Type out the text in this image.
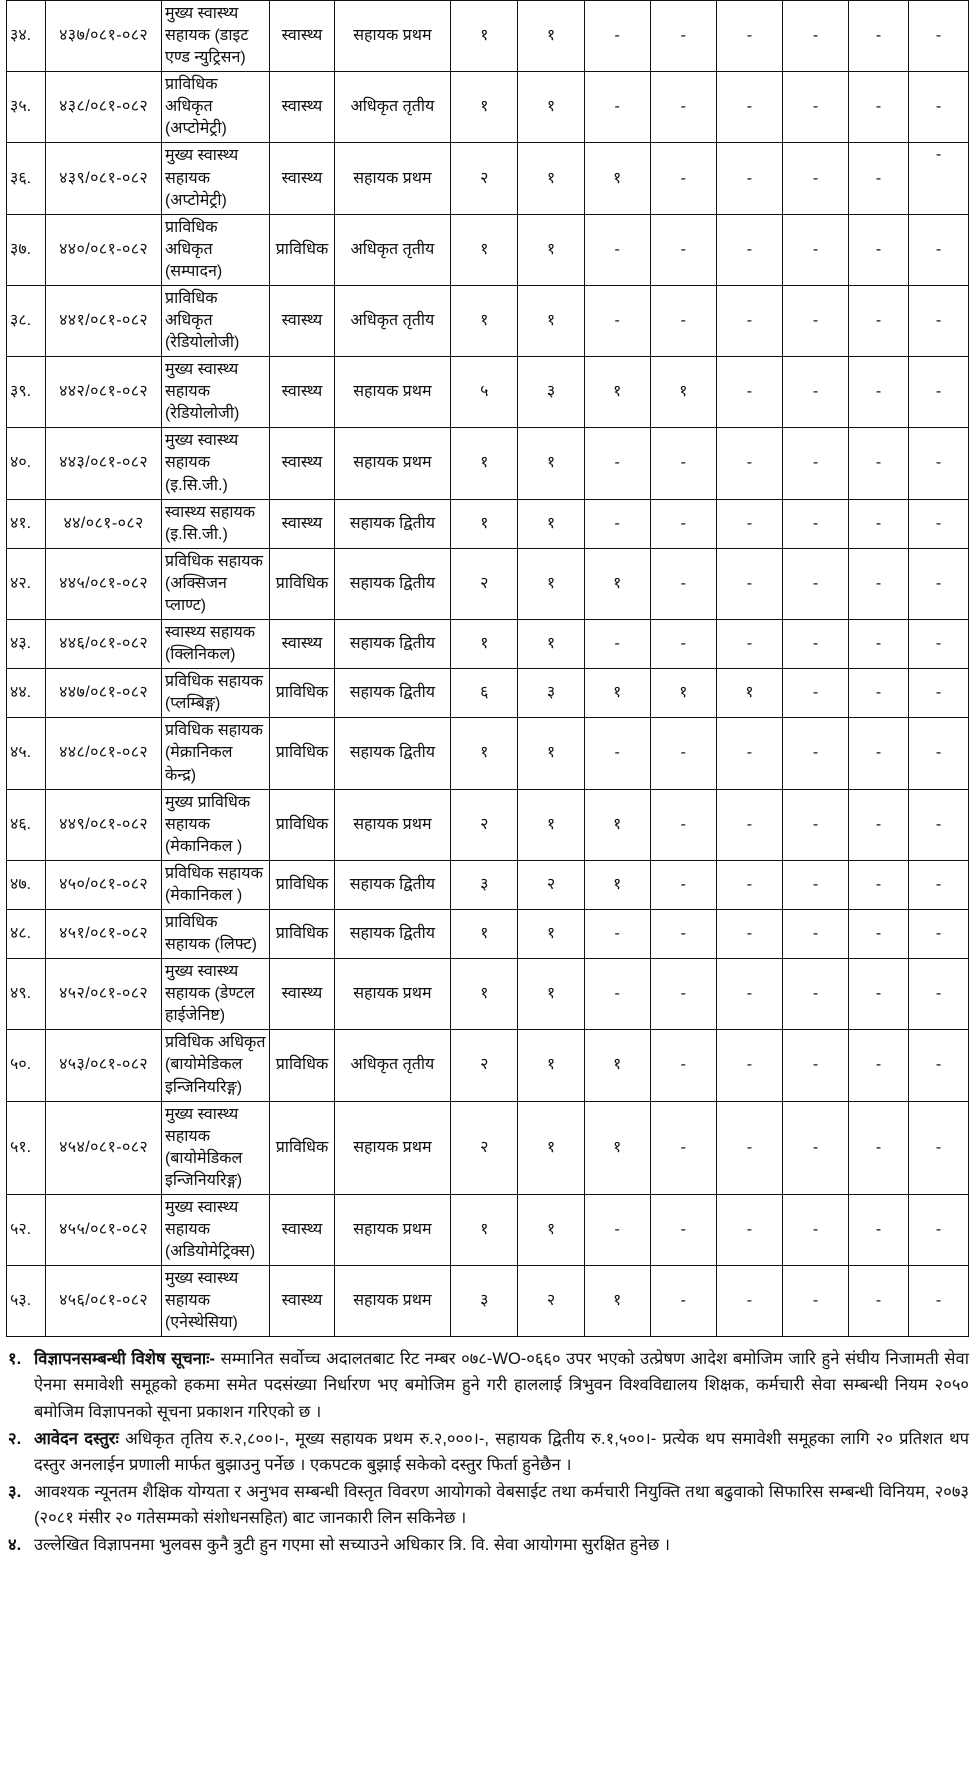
३४.	४३७/०८१-०८२	मुख्य स्वास्थ्य सहायक (डाइट एण्ड न्युट्रिसन)	स्वास्थ्य	सहायक प्रथम	१	१	-	-	-	-	-	-
३५.	४३८/०८१-०८२	प्राविधिक अधिकृत (अप्टोमेट्री)	स्वास्थ्य	अधिकृत तृतीय	१	१	-	-	-	-	-	-
३६.	४३९/०८१-०८२	मुख्य स्वास्थ्य सहायक (अप्टोमेट्री)	स्वास्थ्य	सहायक प्रथम	२	१	१	-	-	-	-	-
३७.	४४०/०८१-०८२	प्राविधिक अधिकृत (सम्पादन)	प्राविधिक	अधिकृत तृतीय	१	१	-	-	-	-	-	-
३८.	४४१/०८१-०८२	प्राविधिक अधिकृत (रेडियोलोजी)	स्वास्थ्य	अधिकृत तृतीय	१	१	-	-	-	-	-	-
३९.	४४२/०८१-०८२	मुख्य स्वास्थ्य सहायक (रेडियोलोजी)	स्वास्थ्य	सहायक प्रथम	५	३	१	१	-	-	-	-
४०.	४४३/०८१-०८२	मुख्य स्वास्थ्य सहायक (इ.सि.जी.)	स्वास्थ्य	सहायक प्रथम	१	१	-	-	-	-	-	-
४१.	४४/०८१-०८२	स्वास्थ्य सहायक (इ.सि.जी.)	स्वास्थ्य	सहायक द्वितीय	१	१	-	-	-	-	-	-
४२.	४४५/०८१-०८२	प्रविधिक सहायक (अक्सिजन प्लाण्ट)	प्राविधिक	सहायक द्वितीय	२	१	१	-	-	-	-	-
४३.	४४६/०८१-०८२	स्वास्थ्य सहायक (क्लिनिकल)	स्वास्थ्य	सहायक द्वितीय	१	१	-	-	-	-	-	-
४४.	४४७/०८१-०८२	प्रविधिक सहायक (प्लम्बिङ्ग)	प्राविधिक	सहायक द्वितीय	६	३	१	१	१	-	-	-
४५.	४४८/०८१-०८२	प्रविधिक सहायक (मेक्रानिकल केन्द्र)	प्राविधिक	सहायक द्वितीय	१	१	-	-	-	-	-	-
४६.	४४९/०८१-०८२	मुख्य प्राविधिक सहायक (मेकानिकल )	प्राविधिक	सहायक प्रथम	२	१	१	-	-	-	-	-
४७.	४५०/०८१-०८२	प्रविधिक सहायक (मेकानिकल )	प्राविधिक	सहायक द्वितीय	३	२	१	-	-	-	-	-
४८.	४५१/०८१-०८२	प्राविधिक सहायक (लिफ्ट)	प्राविधिक	सहायक द्वितीय	१	१	-	-	-	-	-	-
४९.	४५२/०८१-०८२	मुख्य स्वास्थ्य सहायक (डेण्टल हाईजेनिष्ट)	स्वास्थ्य	सहायक प्रथम	१	१	-	-	-	-	-	-
५०.	४५३/०८१-०८२	प्रविधिक अधिकृत (बायोमेडिकल इन्जिनियरिङ्ग)	प्राविधिक	अधिकृत तृतीय	२	१	१	-	-	-	-	-
५१.	४५४/०८१-०८२	मुख्य स्वास्थ्य सहायक (बायोमेडिकल इन्जिनियरिङ्ग)	प्राविधिक	सहायक प्रथम	२	१	१	-	-	-	-	-
५२.	४५५/०८१-०८२	मुख्य स्वास्थ्य सहायक (अडियोमेट्रिक्स)	स्वास्थ्य	सहायक प्रथम	१	१	-	-	-	-	-	-
५३.	४५६/०८१-०८२	मुख्य स्वास्थ्य सहायक (एनेस्थेसिया)	स्वास्थ्य	सहायक प्रथम	३	२	१	-	-	-	-	-
१. विज्ञापनसम्बन्धी विशेष सूचनाः- सम्मानित सर्वोच्च अदालतबाट रिट नम्बर ०७८-WO-०६६० उपर भएको उत्प्रेषण आदेश बमोजिम जारि हुने संघीय निजामती सेवा ऐनमा समावेशी समूहको हकमा समेत पदसंख्या निर्धारण भए बमोजिम हुने गरी हाललाई त्रिभुवन विश्वविद्यालय शिक्षक, कर्मचारी सेवा सम्बन्धी नियम २०५० बमोजिम विज्ञापनको सूचना प्रकाशन गरिएको छ ।
२. आवेदन दस्तुरः अधिकृत तृतिय रु.२,८००।-, मूख्य सहायक प्रथम रु.२,०००।-, सहायक द्वितीय रु.१,५००।- प्रत्येक थप समावेशी समूहका लागि २० प्रतिशत थप दस्तुर अनलाईन प्रणाली मार्फत बुझाउनु पर्नेछ । एकपटक बुझाई सकेको दस्तुर फिर्ता हुनेछैन ।
३. आवश्यक न्यूनतम शैक्षिक योग्यता र अनुभव सम्बन्धी विस्तृत विवरण आयोगको वेबसाईट तथा कर्मचारी नियुक्ति तथा बढुवाको सिफारिस सम्बन्धी विनियम, २०७३ (२०८१ मंसीर २० गतेसम्मको संशोधनसहित) बाट जानकारी लिन सकिनेछ ।
४. उल्लेखित विज्ञापनमा भुलवस कुनै त्रुटी हुन गएमा सो सच्याउने अधिकार त्रि. वि. सेवा आयोगमा सुरक्षित हुनेछ ।
